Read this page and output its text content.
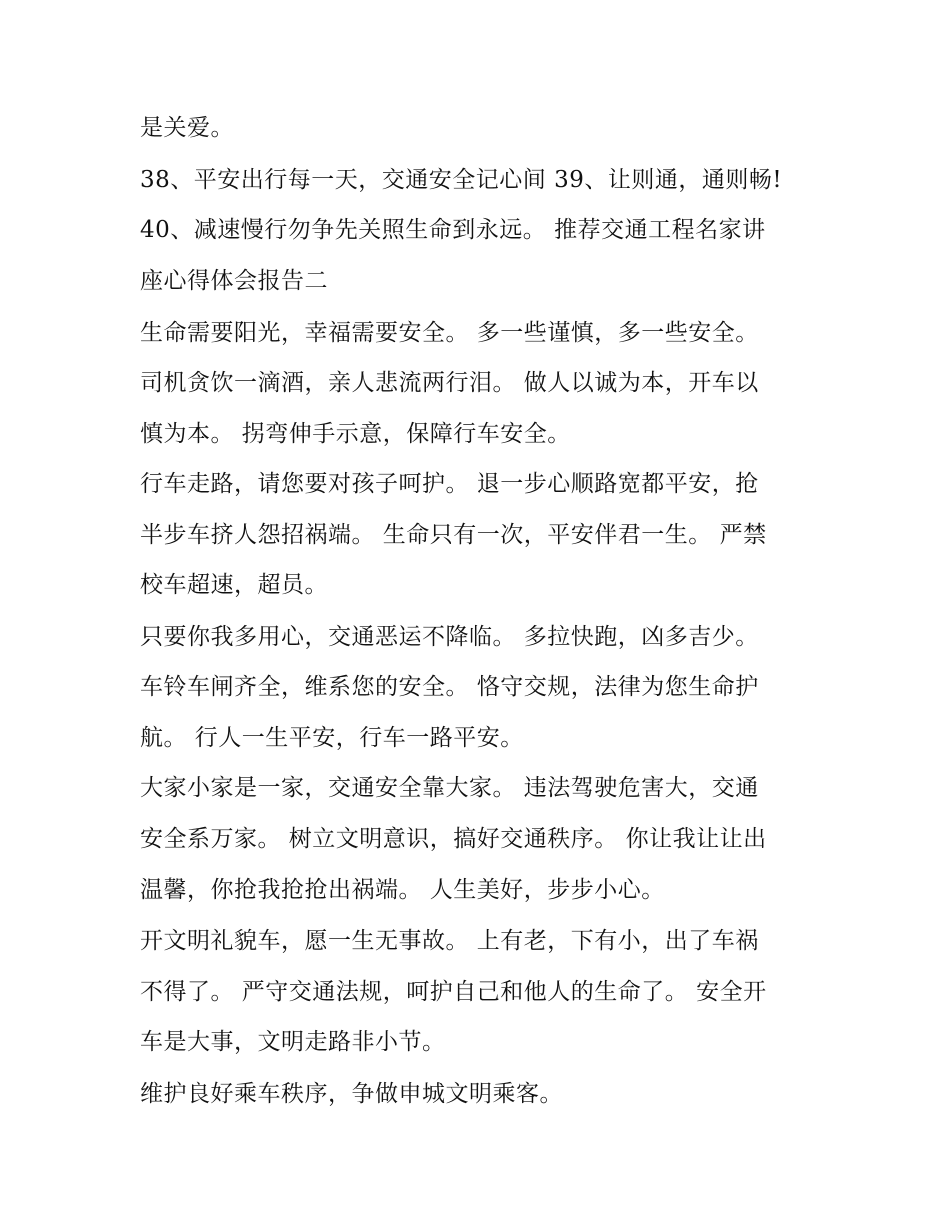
是关爱。
38、平安出行每一天，交通安全记心间 39、让则通，通则畅!
40、减速慢行勿争先关照生命到永远。 推荐交通工程名家讲
座心得体会报告二
生命需要阳光，幸福需要安全。 多一些谨慎，多一些安全。
司机贪饮一滴酒，亲人悲流两行泪。 做人以诚为本，开车以
慎为本。 拐弯伸手示意，保障行车安全。
行车走路，请您要对孩子呵护。 退一步心顺路宽都平安，抢
半步车挤人怨招祸端。 生命只有一次，平安伴君一生。 严禁
校车超速，超员。
只要你我多用心，交通恶运不降临。 多拉快跑，凶多吉少。
车铃车闸齐全，维系您的安全。 恪守交规，法律为您生命护
航。 行人一生平安，行车一路平安。
大家小家是一家，交通安全靠大家。 违法驾驶危害大，交通
安全系万家。 树立文明意识，搞好交通秩序。 你让我让让出
温馨，你抢我抢抢出祸端。 人生美好，步步小心。
开文明礼貌车，愿一生无事故。 上有老，下有小，出了车祸
不得了。 严守交通法规，呵护自己和他人的生命了。 安全开
车是大事，文明走路非小节。
维护良好乘车秩序，争做申城文明乘客。
